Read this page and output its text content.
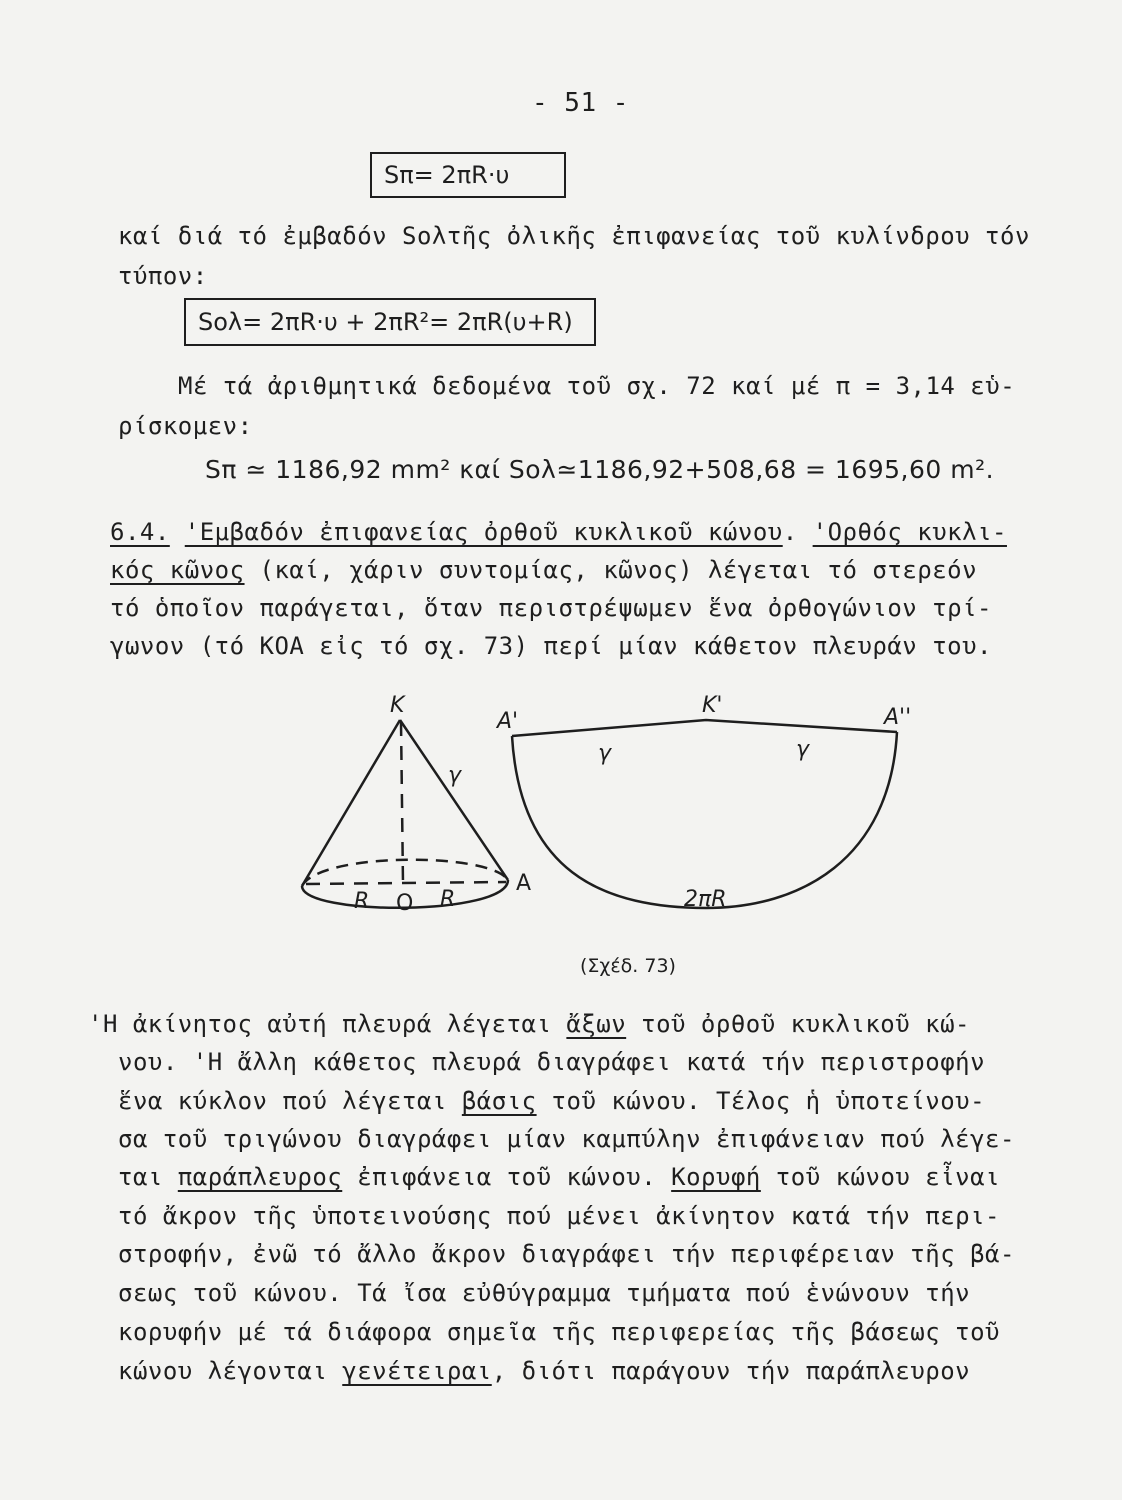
- 51 -
Sπ= 2πR·υ
καί διά τό ἐμβαδόν Sολτῆς ὀλικῆς ἐπιφανείας τοῦ κυλίνδρου τόν
τύπον:
Sολ= 2πR·υ + 2πR²= 2πR(υ+R)
Μέ τά ἀριθμητικά δεδομένα τοῦ σχ. 72 καί μέ π = 3,14 εὑ-
ρίσκομεν:
Sπ ≃ 1186,92 mm² καί Sολ≃1186,92+508,68 = 1695,60 m².
6.4. 'Εμβαδόν ἐπιφανείας ὀρθοῦ κυκλικοῦ κώνου. 'Ορθός κυκλι-
κός κῶνος (καί, χάριν συντομίας, κῶνος) λέγεται τό στερεόν
τό ὁποῖον παράγεται, ὅταν περιστρέψωμεν ἕνα ὀρθογώνιον τρί-
γωνον (τό ΚΟΑ εἰς τό σχ. 73) περί μίαν κάθετον πλευράν του.
K
γ
O
R	R
A
A'
K'	A''
γ	γ
2πR
(Σχέδ. 73)
'Η ἀκίνητος αὐτή πλευρά λέγεται ἄξων τοῦ ὀρθοῦ κυκλικοῦ κώ-
νου. 'Η ἄλλη κάθετος πλευρά διαγράφει κατά τήν περιστροφήν
ἕνα κύκλον πού λέγεται βάσις τοῦ κώνου. Τέλος ἡ ὑποτείνου-
σα τοῦ τριγώνου διαγράφει μίαν καμπύλην ἐπιφάνειαν πού λέγε-
ται παράπλευρος ἐπιφάνεια τοῦ κώνου. Κορυφή τοῦ κώνου εἶναι
τό ἄκρον τῆς ὑποτεινούσης πού μένει ἀκίνητον κατά τήν περι-
στροφήν, ἐνῶ τό ἄλλο ἄκρον διαγράφει τήν περιφέρειαν τῆς βά-
σεως τοῦ κώνου. Τά ἴσα εὐθύγραμμα τμήματα πού ἑνώνουν τήν
κορυφήν μέ τά διάφορα σημεῖα τῆς περιφερείας τῆς βάσεως τοῦ
κώνου λέγονται γενέτειραι, διότι παράγουν τήν παράπλευρον
